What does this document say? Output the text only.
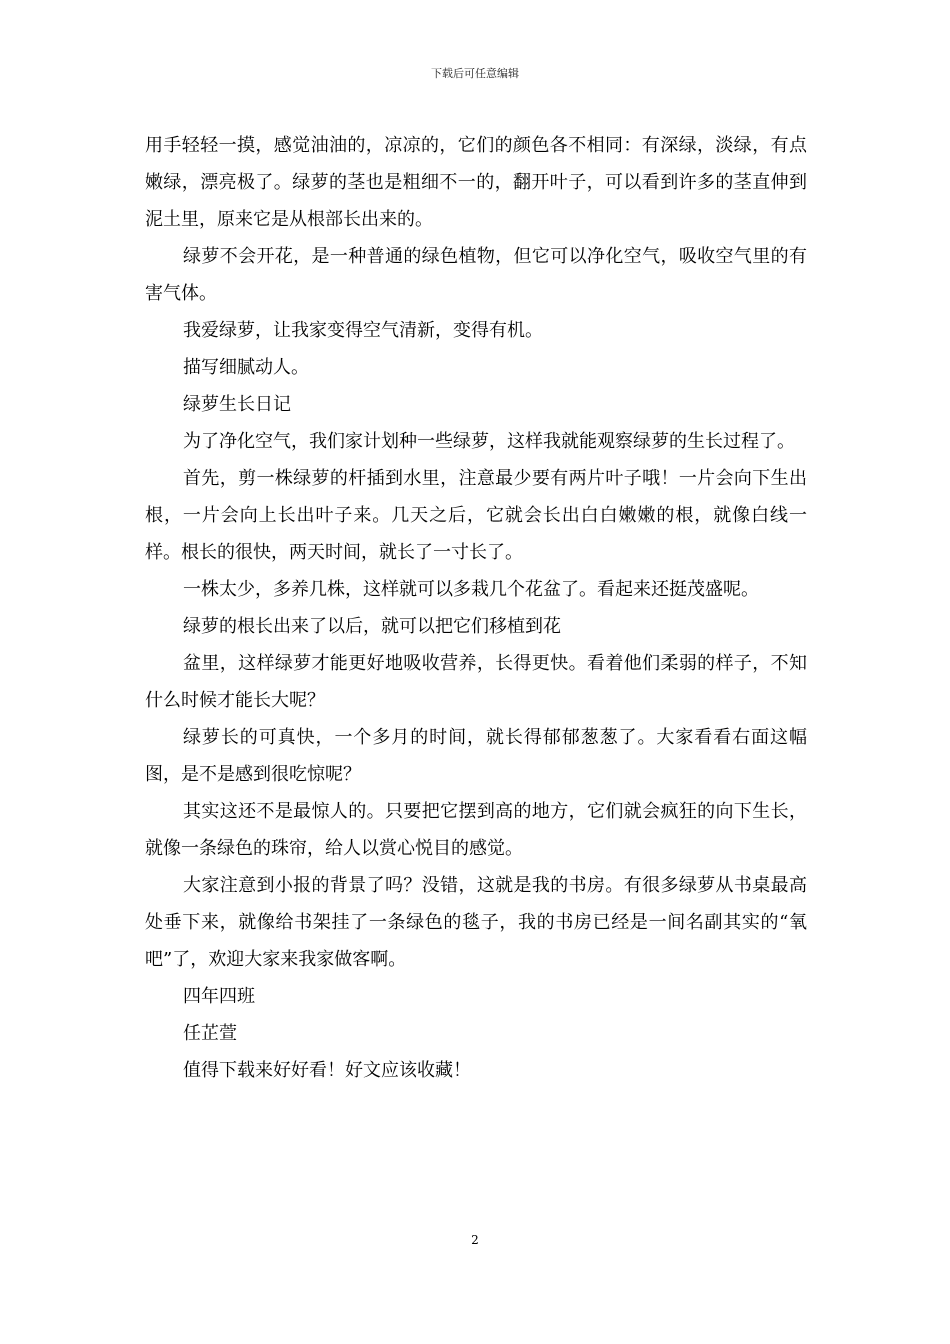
下载后可任意编辑

用手轻轻一摸，感觉油油的，凉凉的，它们的颜色各不相同：有深绿，淡绿，有点嫩绿，漂亮极了。绿萝的茎也是粗细不一的，翻开叶子，可以看到许多的茎直伸到泥土里，原来它是从根部长出来的。

绿萝不会开花，是一种普通的绿色植物，但它可以净化空气，吸收空气里的有害气体。

我爱绿萝，让我家变得空气清新，变得有机。

描写细腻动人。

绿萝生长日记

为了净化空气，我们家计划种一些绿萝，这样我就能观察绿萝的生长过程了。

首先，剪一株绿萝的杆插到水里，注意最少要有两片叶子哦！一片会向下生出根，一片会向上长出叶子来。几天之后，它就会长出白白嫩嫩的根，就像白线一样。根长的很快，两天时间，就长了一寸长了。

一株太少，多养几株，这样就可以多栽几个花盆了。看起来还挺茂盛呢。

绿萝的根长出来了以后，就可以把它们移植到花

盆里，这样绿萝才能更好地吸收营养，长得更快。看着他们柔弱的样子，不知什么时候才能长大呢？

绿萝长的可真快，一个多月的时间，就长得郁郁葱葱了。大家看看右面这幅图，是不是感到很吃惊呢？

其实这还不是最惊人的。只要把它摆到高的地方，它们就会疯狂的向下生长，就像一条绿色的珠帘，给人以赏心悦目的感觉。

大家注意到小报的背景了吗？没错，这就是我的书房。有很多绿萝从书桌最高处垂下来，就像给书架挂了一条绿色的毯子，我的书房已经是一间名副其实的“氧吧”了，欢迎大家来我家做客啊。

四年四班

任芷萱

值得下载来好好看！好文应该收藏！

2
